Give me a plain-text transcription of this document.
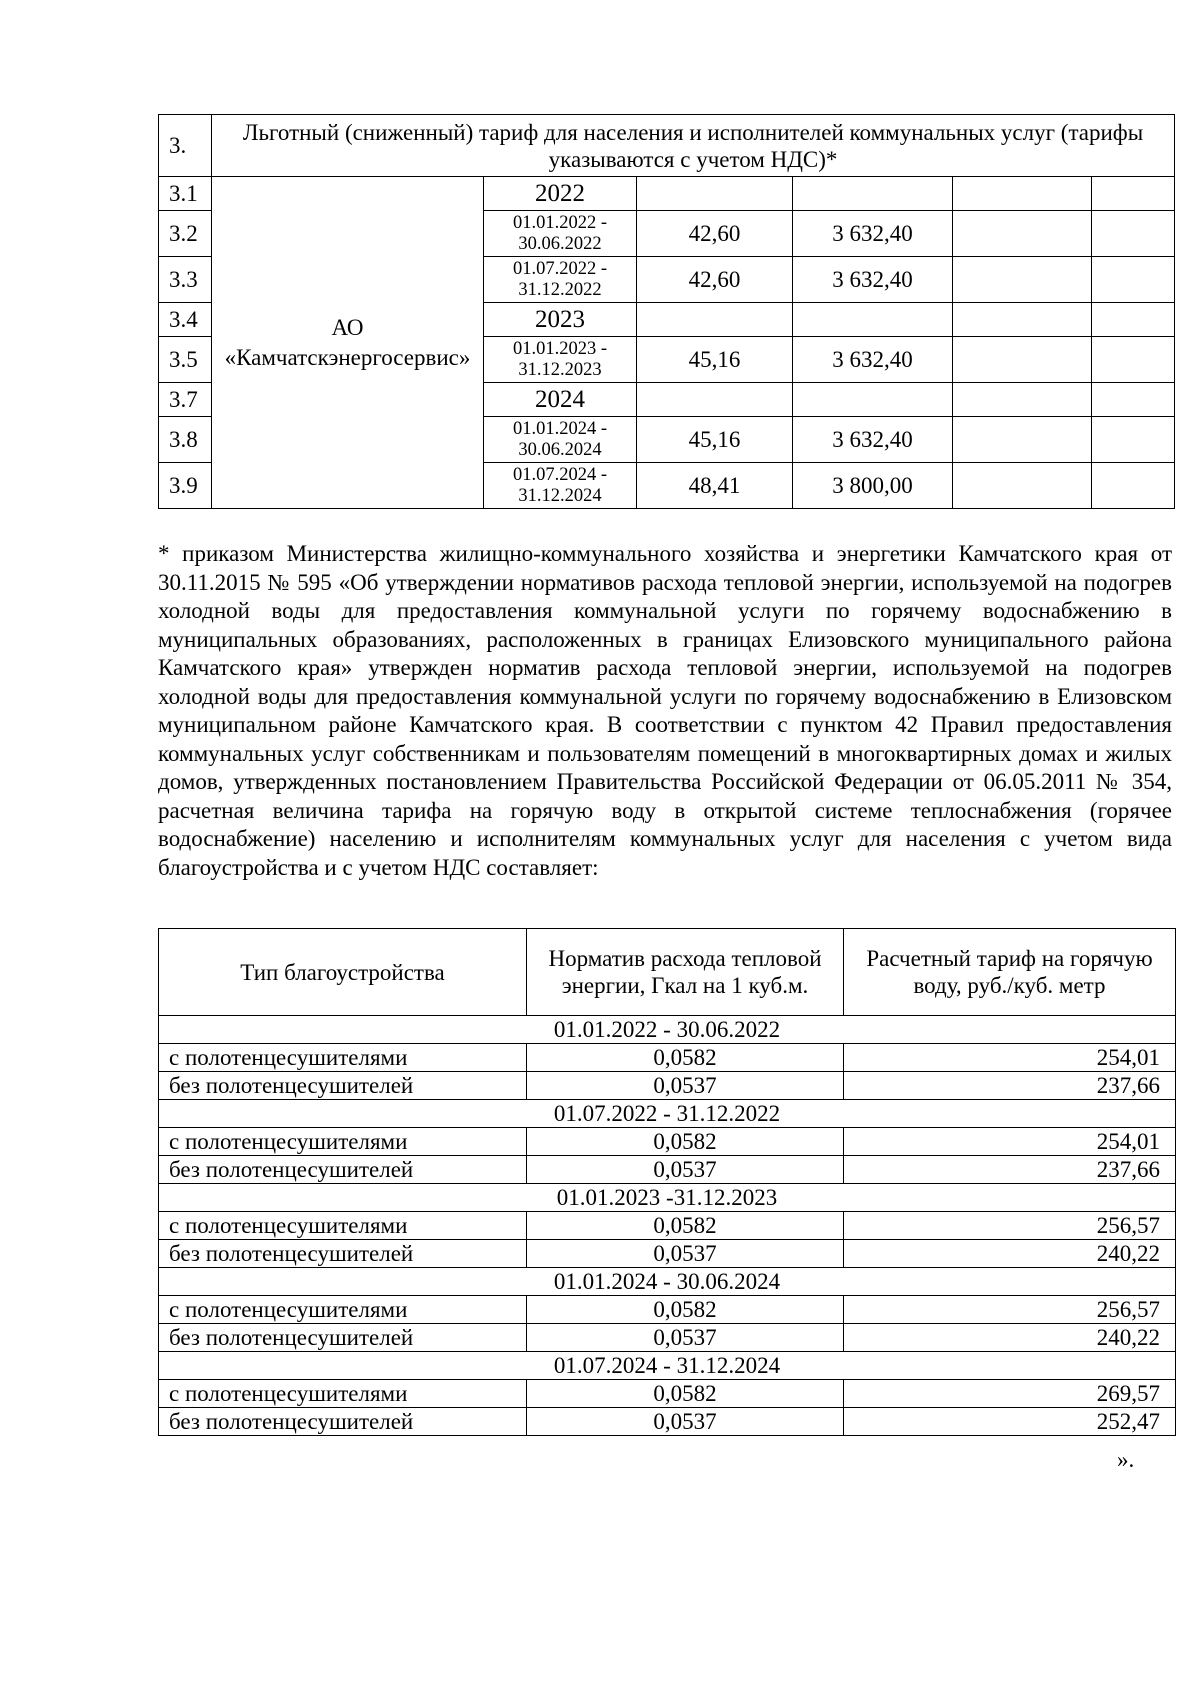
3.	Льготный (сниженный) тариф для населения и исполнителей коммунальных услуг (тарифы указываются с учетом НДС)*					
3.1	АО «Камчатскэнергосервис»	2022				
3.2		01.01.2022 - 30.06.2022	42,60	3 632,40		
3.3		01.07.2022 - 31.12.2022	42,60	3 632,40		
3.4		2023				
3.5		01.01.2023 - 31.12.2023	45,16	3 632,40		
3.7		2024				
3.8		01.01.2024 - 30.06.2024	45,16	3 632,40		
3.9		01.07.2024 - 31.12.2024	48,41	3 800,00		

* приказом Министерства жилищно-коммунального хозяйства и энергетики Камчатского края от 30.11.2015 № 595 «Об утверждении нормативов расхода тепловой энергии, используемой на подогрев холодной воды для предоставления коммунальной услуги по горячему водоснабжению в муниципальных образованиях, расположенных в границах Елизовского муниципального района Камчатского края» утвержден норматив расхода тепловой энергии, используемой на подогрев холодной воды для предоставления коммунальной услуги по горячему водоснабжению в Елизовском муниципальном районе Камчатского края. В соответствии с пунктом 42 Правил предоставления коммунальных услуг собственникам и пользователям помещений в многоквартирных домах и жилых домов, утвержденных постановлением Правительства Российской Федерации от 06.05.2011 № 354, расчетная величина тарифа на горячую воду в открытой системе теплоснабжения (горячее водоснабжение) населению и исполнителям коммунальных услуг для населения с учетом вида благоустройства и с учетом НДС составляет:

Тип благоустройства	Норматив расхода тепловой энергии, Гкал на 1 куб.м.	Расчетный тариф на горячую воду, руб./куб. метр
01.01.2022 - 30.06.2022		
с полотенцесушителями	0,0582	254,01
без полотенцесушителей	0,0537	237,66
01.07.2022 - 31.12.2022		
с полотенцесушителями	0,0582	254,01
без полотенцесушителей	0,0537	237,66
01.01.2023 -31.12.2023		
с полотенцесушителями	0,0582	256,57
без полотенцесушителей	0,0537	240,22
01.01.2024 - 30.06.2024		
с полотенцесушителями	0,0582	256,57
без полотенцесушителей	0,0537	240,22
01.07.2024 - 31.12.2024		
с полотенцесушителями	0,0582	269,57
без полотенцесушителей	0,0537	252,47
».
